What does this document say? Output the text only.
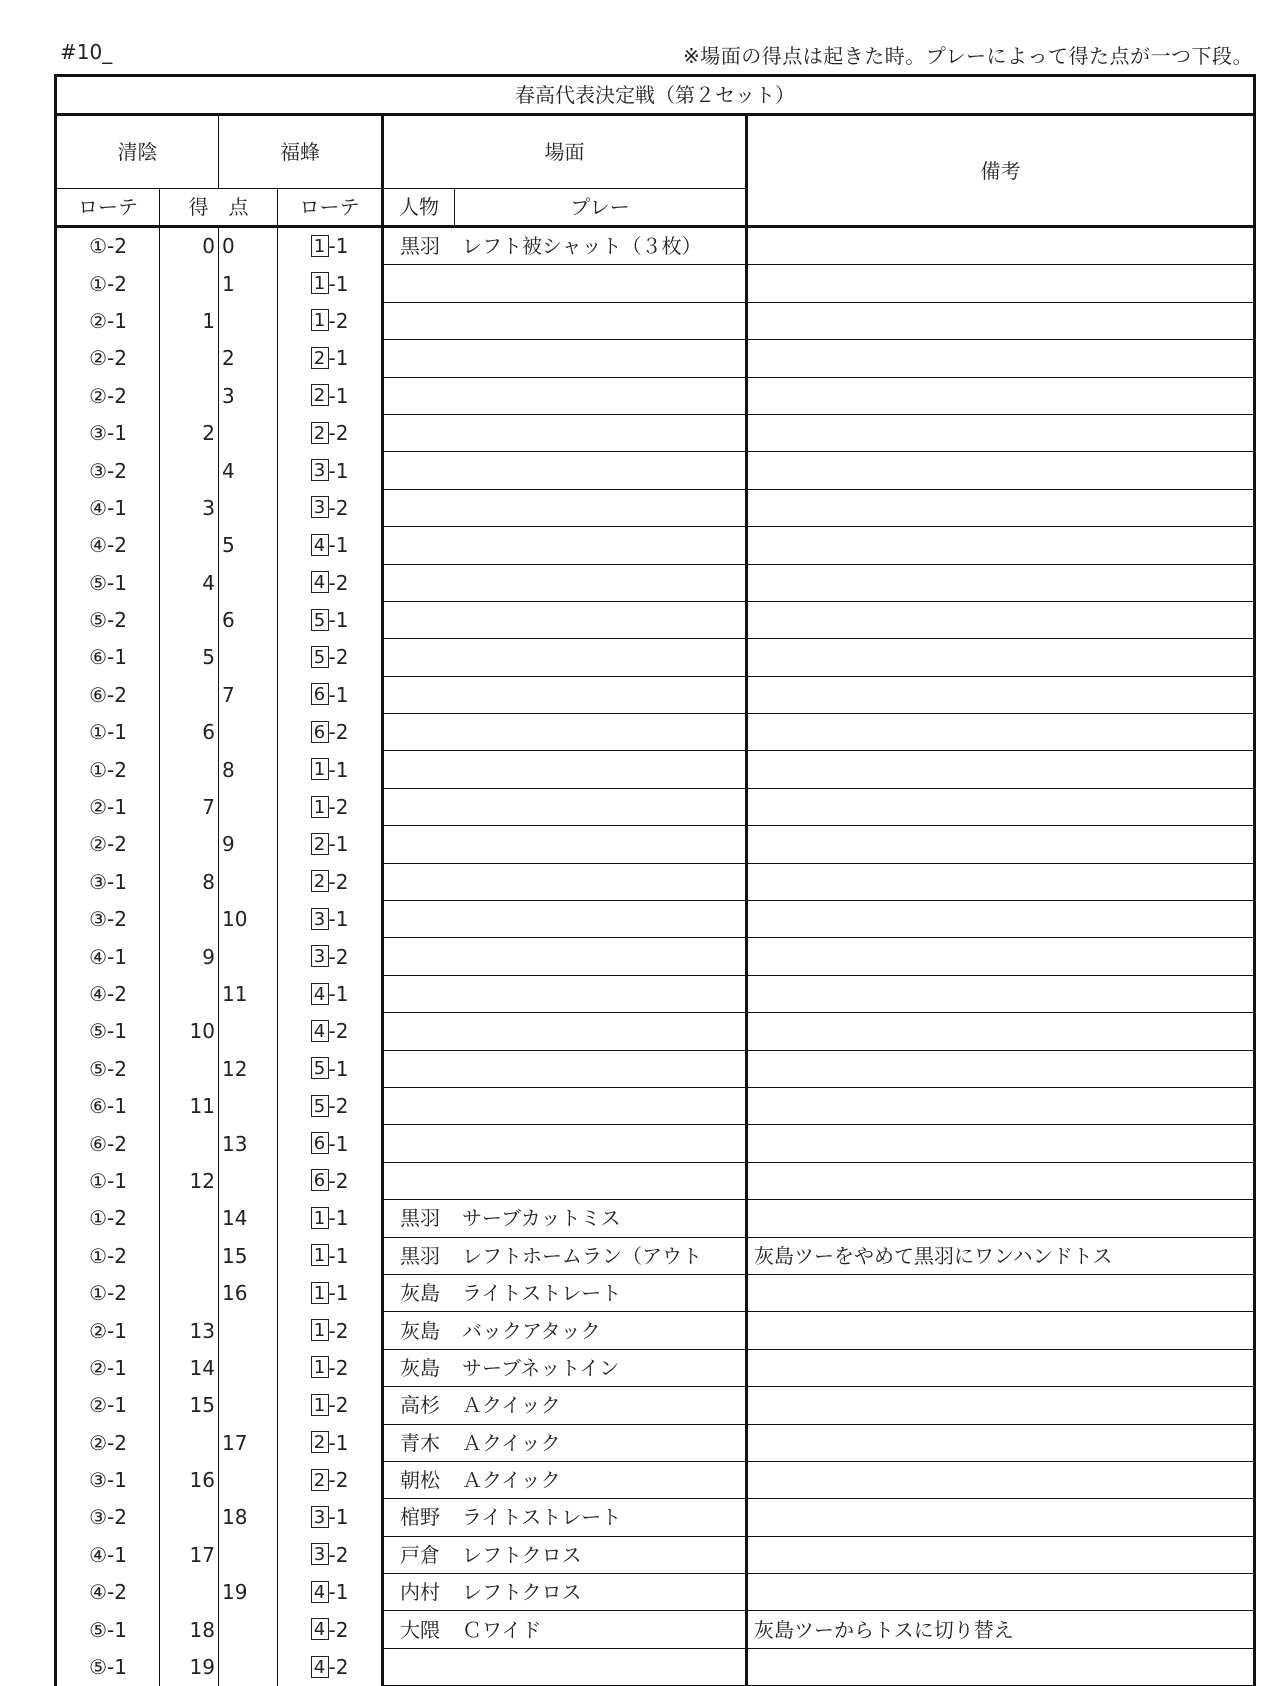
#10_	※場面の得点は起きた時。プレーによって得た点が一つ下段。
春高代表決定戦（第２セット）						
清陰		福蜂		場面		備考
ローテ	得　点		ローテ	人物	プレー	
①-2	0	0	1 -1	黒羽 レフト被シャット（３枚）		
①-2		1	1 -1			
②-1	1		1 -2			
②-2		2	2 -1			
②-2		3	2 -1			
③-1	2		2 -2			
③-2		4	3 -1			
④-1	3		3 -2			
④-2		5	4 -1			
⑤-1	4		4 -2			
⑤-2		6	5 -1			
⑥-1	5		5 -2			
⑥-2		7	6 -1			
①-1	6		6 -2			
①-2		8	1 -1			
②-1	7		1 -2			
②-2		9	2 -1			
③-1	8		2 -2			
③-2		10	3 -1			
④-1	9		3 -2			
④-2		11	4 -1			
⑤-1	10		4 -2			
⑤-2		12	5 -1			
⑥-1	11		5 -2			
⑥-2		13	6 -1			
①-1	12		6 -2			
①-2		14	1 -1	黒羽 サーブカットミス		
①-2		15	1 -1	黒羽 レフトホームラン（アウト		灰島ツーをやめて黒羽にワンハンドトス
①-2		16	1 -1	灰島 ライトストレート		
②-1	13		1 -2	灰島 バックアタック		
②-1	14		1 -2	灰島 サーブネットイン		
②-1	15		1 -2	高杉 Ａクイック		
②-2		17	2 -1	青木 Ａクイック		
③-1	16		2 -2	朝松 Ａクイック		
③-2		18	3 -1	棺野 ライトストレート		
④-1	17		3 -2	戸倉 レフトクロス		
④-2		19	4 -1	内村 レフトクロス		
⑤-1	18		4 -2	大隈 Ｃワイド		灰島ツーからトスに切り替え
⑤-1	19		4 -2			
